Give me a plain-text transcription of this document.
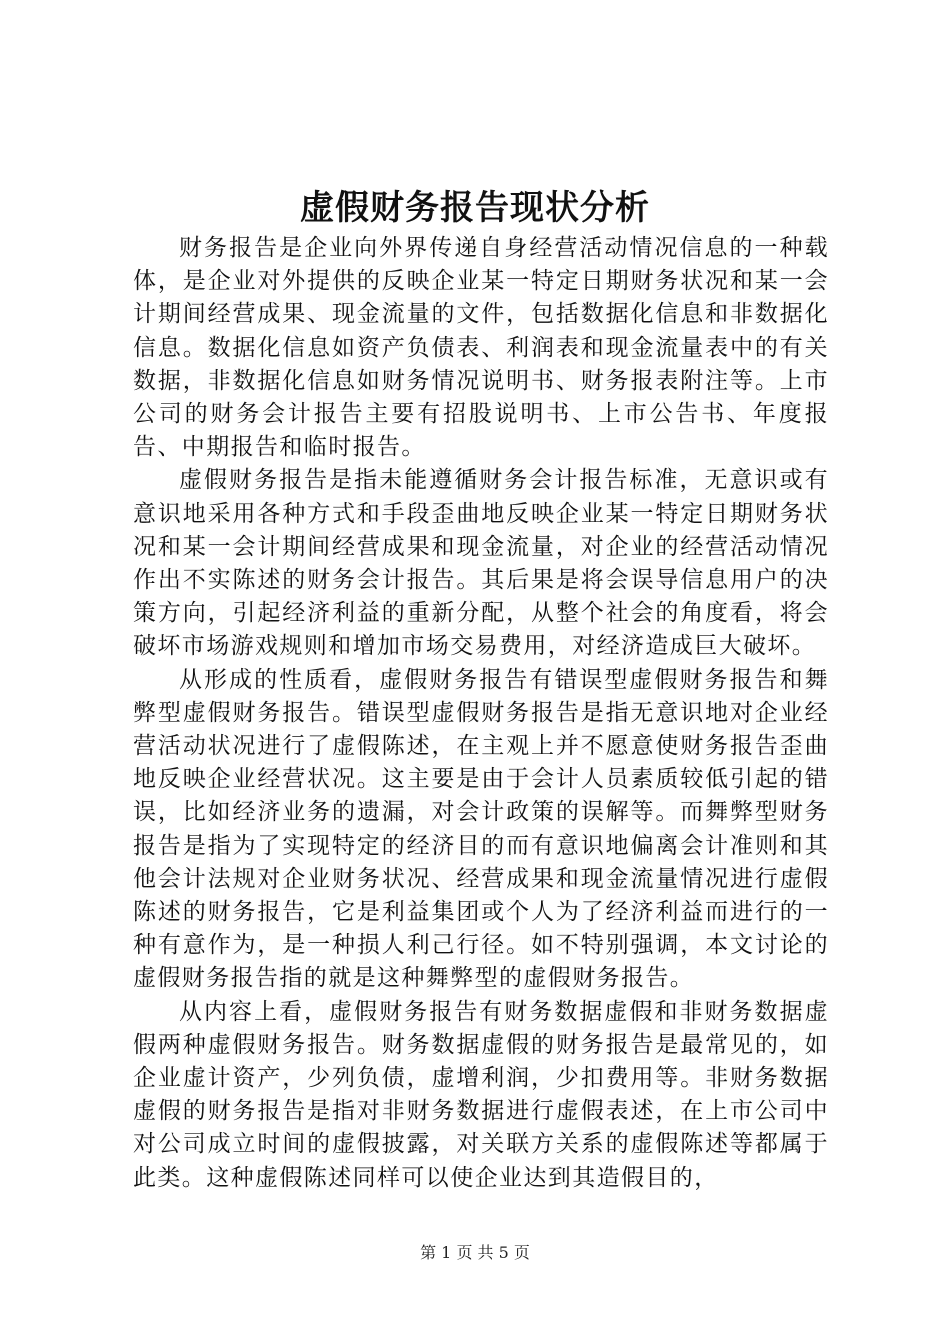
虚假财务报告现状分析

财务报告是企业向外界传递自身经营活动情况信息的一种载体，是企业对外提供的反映企业某一特定日期财务状况和某一会计期间经营成果、现金流量的文件，包括数据化信息和非数据化信息。数据化信息如资产负债表、利润表和现金流量表中的有关数据，非数据化信息如财务情况说明书、财务报表附注等。上市公司的财务会计报告主要有招股说明书、上市公告书、年度报告、中期报告和临时报告。

虚假财务报告是指未能遵循财务会计报告标准，无意识或有意识地采用各种方式和手段歪曲地反映企业某一特定日期财务状况和某一会计期间经营成果和现金流量，对企业的经营活动情况作出不实陈述的财务会计报告。其后果是将会误导信息用户的决策方向，引起经济利益的重新分配，从整个社会的角度看，将会破坏市场游戏规则和增加市场交易费用，对经济造成巨大破坏。

从形成的性质看，虚假财务报告有错误型虚假财务报告和舞弊型虚假财务报告。错误型虚假财务报告是指无意识地对企业经营活动状况进行了虚假陈述，在主观上并不愿意使财务报告歪曲地反映企业经营状况。这主要是由于会计人员素质较低引起的错误，比如经济业务的遗漏，对会计政策的误解等。而舞弊型财务报告是指为了实现特定的经济目的而有意识地偏离会计准则和其他会计法规对企业财务状况、经营成果和现金流量情况进行虚假陈述的财务报告，它是利益集团或个人为了经济利益而进行的一种有意作为，是一种损人利己行径。如不特别强调，本文讨论的虚假财务报告指的就是这种舞弊型的虚假财务报告。

从内容上看，虚假财务报告有财务数据虚假和非财务数据虚假两种虚假财务报告。财务数据虚假的财务报告是最常见的，如企业虚计资产，少列负债，虚增利润，少扣费用等。非财务数据虚假的财务报告是指对非财务数据进行虚假表述，在上市公司中对公司成立时间的虚假披露，对关联方关系的虚假陈述等都属于此类。这种虚假陈述同样可以使企业达到其造假目的，

第 1 页 共 5 页
